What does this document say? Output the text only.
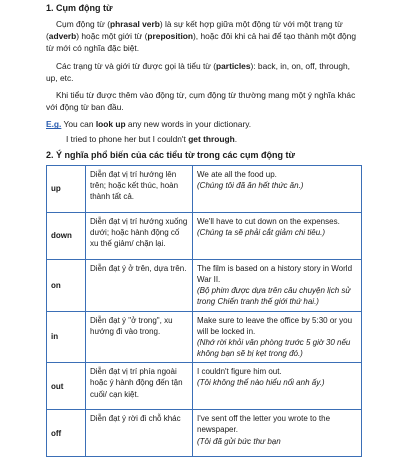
1. Cụm động từ

Cụm động từ (phrasal verb) là sự kết hợp giữa một động từ với một trạng từ (adverb) hoặc một giới từ (preposition), hoặc đôi khi cả hai để tạo thành một động từ mới có nghĩa đặc biệt.

Các trạng từ và giới từ được gọi là tiểu từ (particles): back, in, on, off, through, up, etc.

Khi tiểu từ được thêm vào động từ, cụm động từ thường mang một ý nghĩa khác với động từ ban đầu.

E.g. You can look up any new words in your dictionary.
I tried to phone her but I couldn't get through.
2. Ý nghĩa phổ biến của các tiểu từ trong các cụm động từ
up	Diễn đạt vị trí hướng lên trên; hoặc kết thúc, hoàn thành tất cả.	We ate all the food up.
(Chúng tôi đã ăn hết thức ăn.)

down	Diễn đạt vị trí hướng xuống dưới; hoặc hành động cố xu thế giảm/ chặn lại.	We'll have to cut down on the expenses.
(Chúng ta sẽ phải cắt giảm chi tiêu.)

on	Diễn đạt ý ở trên, dựa trên.	The film is based on a history story in World War II.
(Bộ phim được dựa trên câu chuyện lịch sử trong Chiến tranh thế giới thứ hai.)

in	Diễn đạt ý "ở trong", xu hướng đi vào trong.	Make sure to leave the office by 5:30 or you will be locked in.
(Nhớ rời khỏi văn phòng trước 5 giờ 30 nếu không bạn sẽ bị kẹt trong đó.)

out	Diễn đạt vị trí phía ngoài hoặc ý hành động đến tận cuối/ cạn kiệt.	I couldn't figure him out.
(Tôi không thể nào hiểu nổi anh ấy.)

off	Diễn đạt ý rời đi chỗ khác	I've sent off the letter you wrote to the newspaper.
(Tôi đã gửi bức thư bạn
